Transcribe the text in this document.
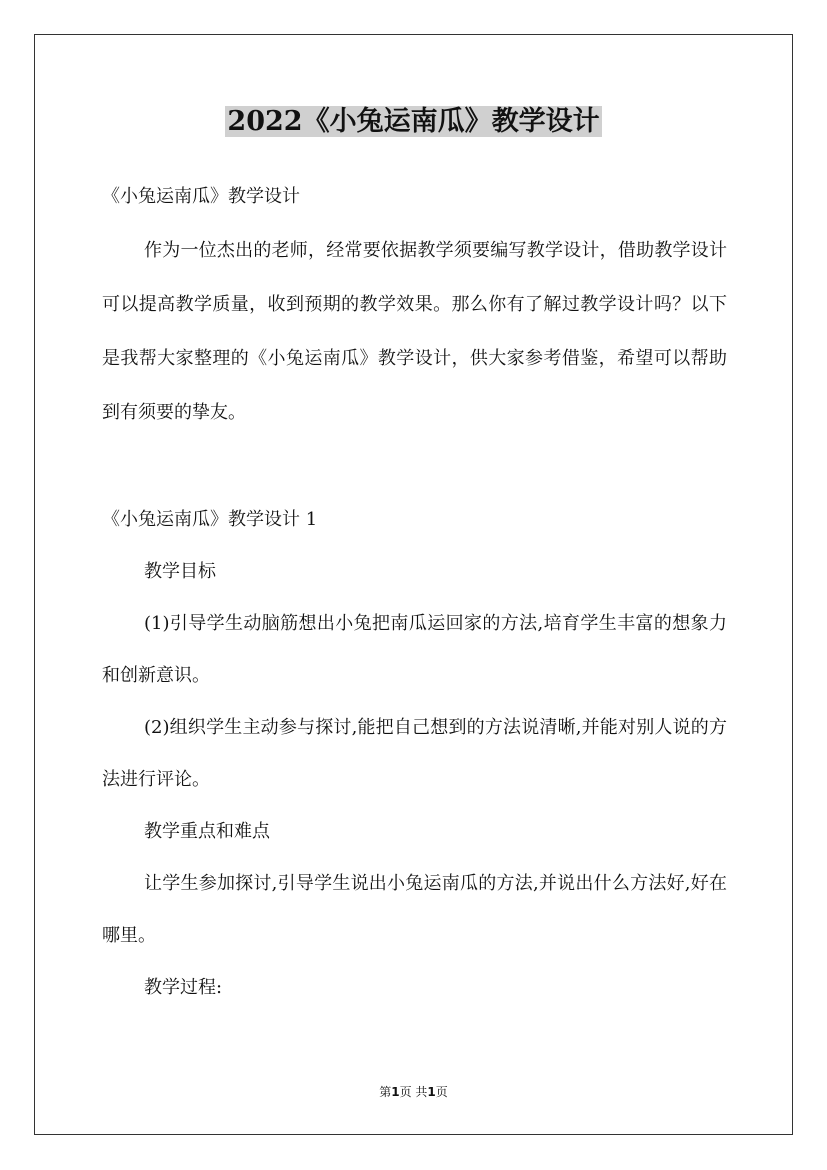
2022《小兔运南瓜》教学设计

《小兔运南瓜》教学设计

作为一位杰出的老师，经常要依据教学须要编写教学设计，借助教学设计可以提高教学质量，收到预期的教学效果。那么你有了解过教学设计吗？以下是我帮大家整理的《小兔运南瓜》教学设计，供大家参考借鉴，希望可以帮助到有须要的挚友。

《小兔运南瓜》教学设计 1

教学目标

(1)引导学生动脑筋想出小兔把南瓜运回家的方法,培育学生丰富的想象力和创新意识。

(2)组织学生主动参与探讨,能把自己想到的方法说清晰,并能对别人说的方法进行评论。

教学重点和难点

让学生参加探讨,引导学生说出小兔运南瓜的方法,并说出什么方法好,好在哪里。

教学过程:

第1页 共1页
